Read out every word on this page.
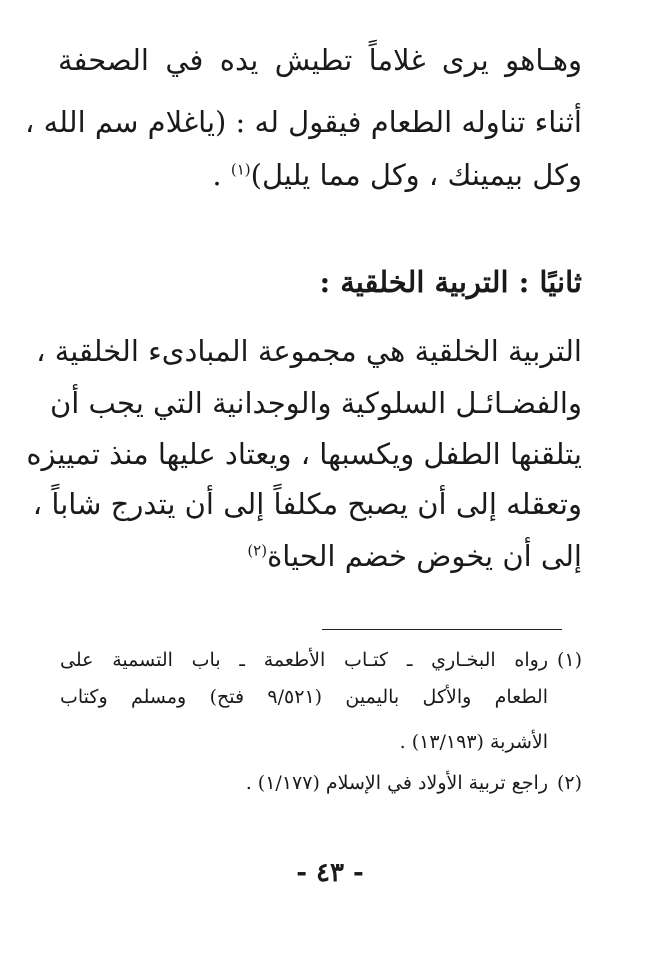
وهـاهو يرى غلاماً تطيش يده في الصحفة
أثناء تناوله الطعام فيقول له : (ياغلام سم الله ،
وكل بيمينك ، وكل مما يليل)$^{(١)}$ .
ثانيًا : التربية الخلقية :
التربية الخلقية هي مجموعة المبادىء الخلقية ،
والفضـائـل السلوكية والوجدانية التي يجب أن
يتلقنها الطفل ويكسبها ، ويعتاد عليها منذ تمييزه
وتعقله إلى أن يصبح مكلفاً إلى أن يتدرج شاباً ،
إلى أن يخوض خضم الحياة$^{(٢)}$
(١)
رواه البخـاري ـ كتـاب الأطعمة ـ باب التسمية على
الطعام والأكل باليمين (٩/٥٢١ فتح) ومسلم وكتاب
الأشربة (١٣/١٩٣) .
(٢)
راجع تربية الأولاد في الإسلام (١/١٧٧) .
- ٤٣ -
